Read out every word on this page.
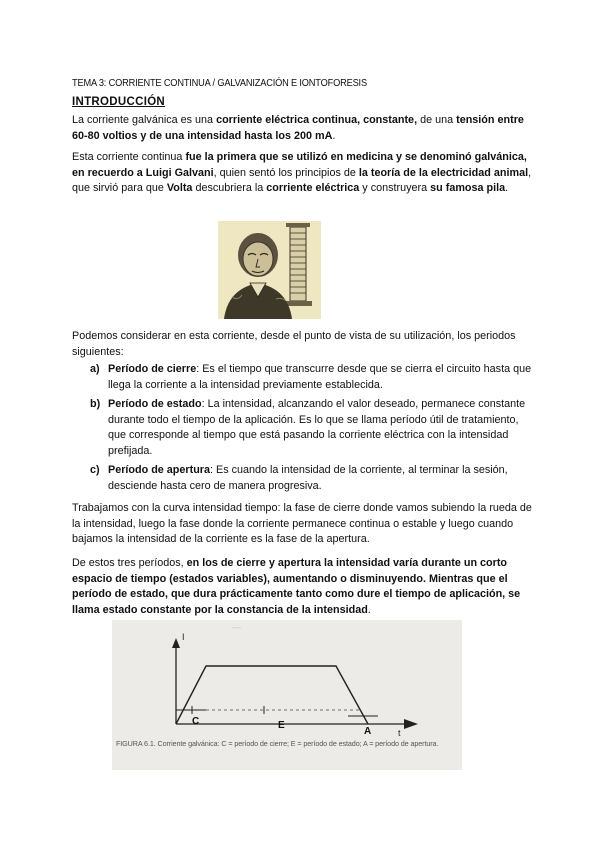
TEMA 3: CORRIENTE CONTINUA / GALVANIZACIÓN E IONTOFORESIS
INTRODUCCIÓN

La corriente galvánica es una corriente eléctrica continua, constante, de una tensión entre 60-80 voltios y de una intensidad hasta los 200 mA.

Esta corriente continua fue la primera que se utilizó en medicina y se denominó galvánica, en recuerdo a Luigi Galvani, quien sentó los principios de la teoría de la electricidad animal, que sirvió para que Volta descubriera la corriente eléctrica y construyera su famosa pila.

Podemos considerar en esta corriente, desde el punto de vista de su utilización, los periodos siguientes:

a) Período de cierre: Es el tiempo que transcurre desde que se cierra el circuito hasta que llega la corriente a la intensidad previamente establecida.
b) Período de estado: La intensidad, alcanzando el valor deseado, permanece constante durante todo el tiempo de la aplicación. Es lo que se llama período útil de tratamiento, que corresponde al tiempo que está pasando la corriente eléctrica con la intensidad prefijada.
c) Período de apertura: Es cuando la intensidad de la corriente, al terminar la sesión, desciende hasta cero de manera progresiva.

Trabajamos con la curva intensidad tiempo: la fase de cierre donde vamos subiendo la rueda de la intensidad, luego la fase donde la corriente permanece continua o estable y luego cuando bajamos la intensidad de la corriente es la fase de la apertura.

De estos tres períodos, en los de cierre y apertura la intensidad varía durante un corto espacio de tiempo (estados variables), aumentando o disminuyendo. Mientras que el período de estado, que dura prácticamente tanto como dure el tiempo de aplicación, se llama estado constante por la constancia de la intensidad.

I
t
C	E
A
—
FIGURA 6.1. Corriente galvánica: C = período de cierre; E = período de estado; A = período de apertura.
